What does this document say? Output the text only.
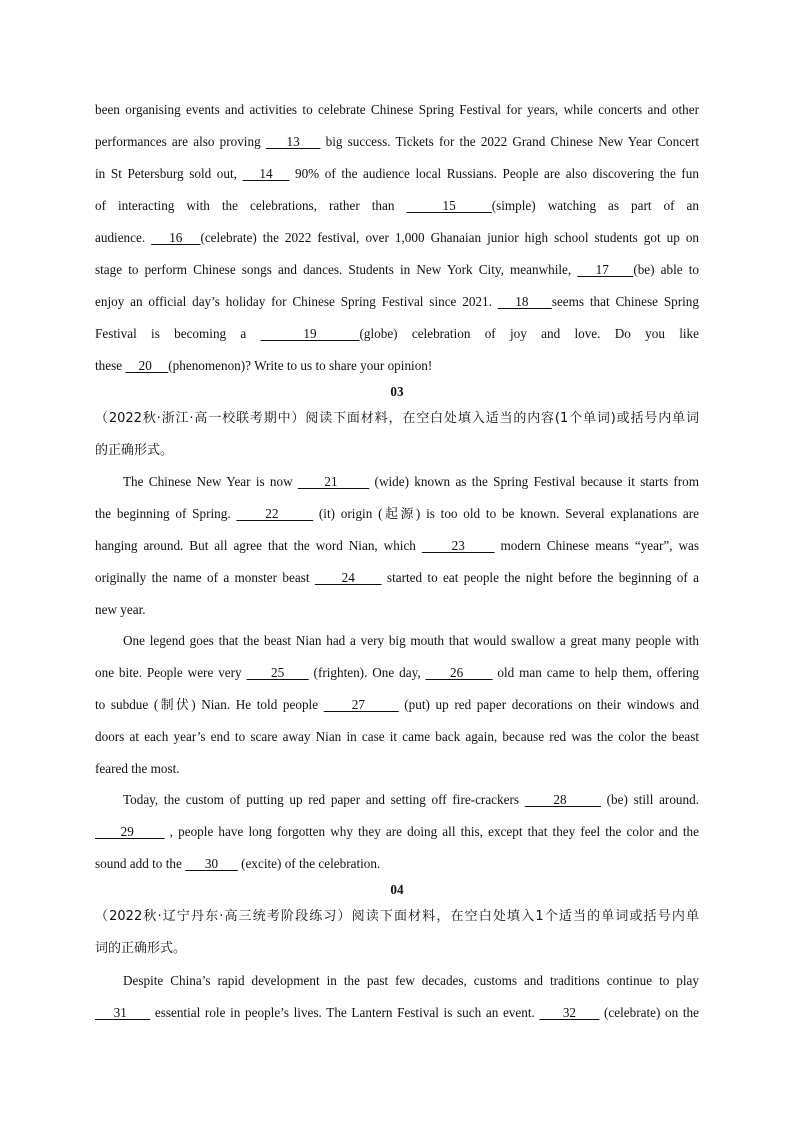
been organising events and activities to celebrate Chinese Spring Festival for years, while concerts and other
performances are also proving     13     big success. Tickets for the 2022 Grand Chinese New Year Concert
in St Petersburg sold out,    14    90% of the audience local Russians. People are also discovering the fun
of interacting with the celebrations, rather than    15   (simple) watching as part of an
audience.    16   (celebrate) the 2022 festival, over 1,000 Ghanaian junior high school students got up on
stage to perform Chinese songs and dances. Students in New York City, meanwhile,    17    (be) able to
enjoy an official day’s holiday for Chinese Spring Festival since 2021.    18    seems that Chinese Spring
Festival is becoming a    19   (globe) celebration of joy and love. Do you like
these     20     (phenomenon)? Write to us to share your opinion!
03
（2022秋·浙江·高一校联考期中）阅读下面材料，在空白处填入适当的内容(1个单词)或括号内单词
的正确形式。
The Chinese New Year is now      21       (wide) known as the Spring Festival because it starts from
the beginning of Spring.      22       (it) origin (起源) is too old to be known. Several explanations are
hanging around. But all agree that the word Nian, which      23      modern Chinese means “year”, was
originally the name of a monster beast      24      started to eat people the night before the beginning of a
new year.
One legend goes that the beast Nian had a very big mouth that would swallow a great many people with
one bite. People were very      25      (frighten). One day,      26       old man came to help them, offering
to subdue (制伏) Nian. He told people      27       (put) up red paper decorations on their windows and
doors at each year’s end to scare away Nian in case it came back again, because red was the color the beast
feared the most.
Today, the custom of putting up red paper and setting off fire-crackers      28       (be) still around.
29       , people have long forgotten why they are doing all this, except that they feel the color and the
sound add to the       30       (excite) of the celebration.
04
（2022秋·辽宁丹东·高三统考阶段练习）阅读下面材料，在空白处填入1个适当的单词或括号内单
词的正确形式。
Despite China’s rapid development in the past few decades, customs and traditions continue to play
31      essential role in people’s lives. The Lantern Festival is such an event.      32      (celebrate) on the
